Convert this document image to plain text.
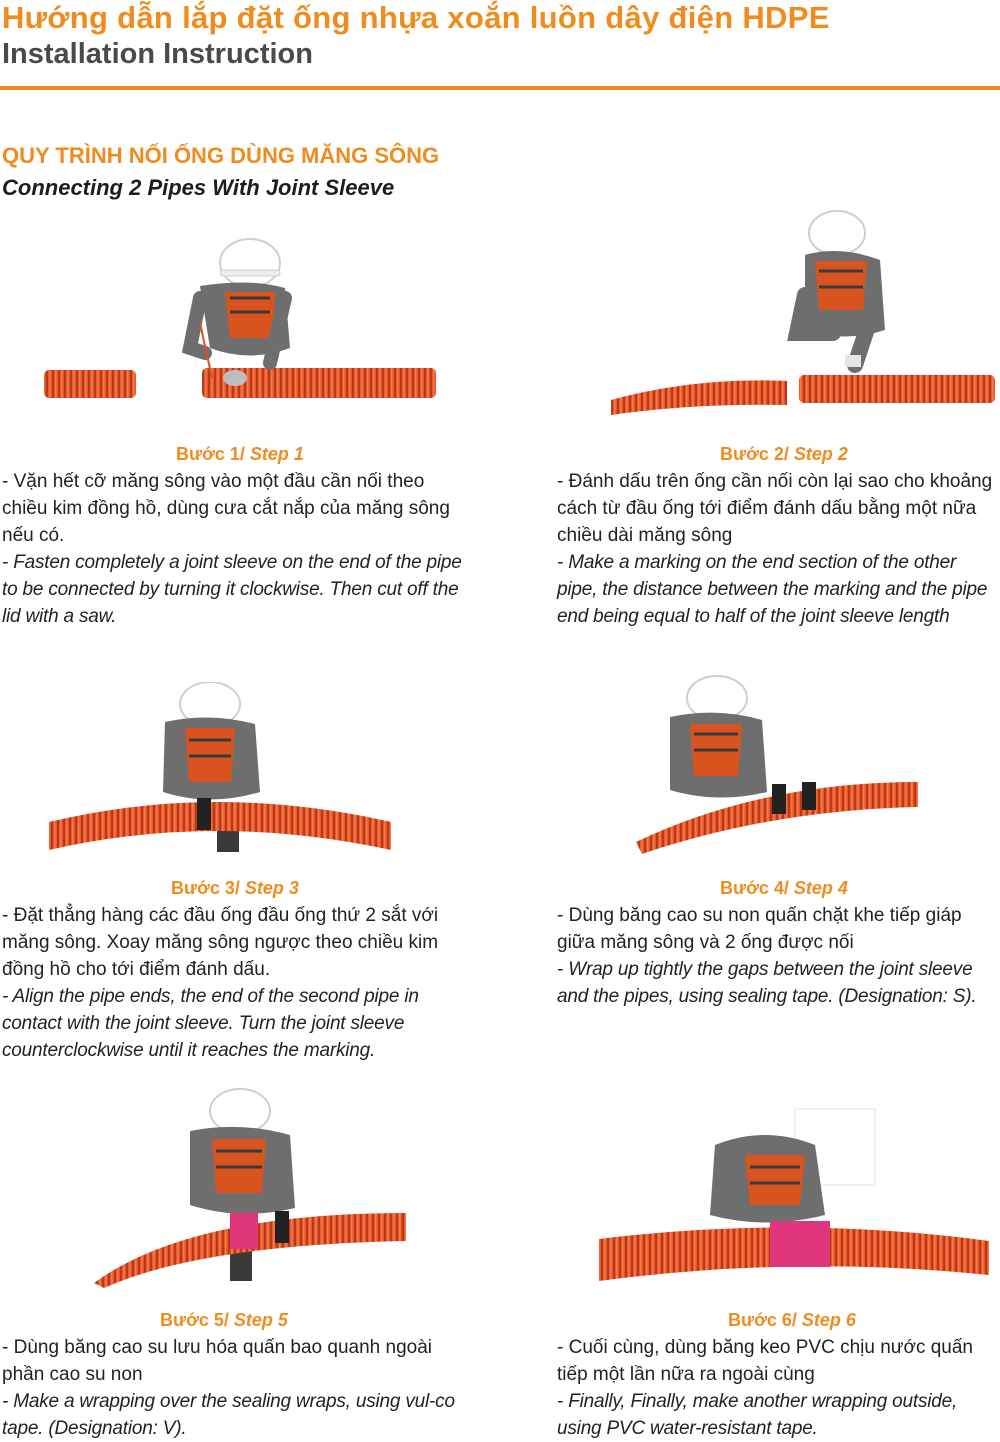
Hướng dẫn lắp đặt ống nhựa xoắn luồn dây điện HDPE
Installation Instruction
QUY TRÌNH NỐI ỐNG DÙNG MĂNG SÔNG
Connecting 2 Pipes With Joint Sleeve
Bước 1/ Step 1
- Vặn hết cỡ măng sông vào một đầu cần nối theo chiều kim đồng hồ, dùng cưa cắt nắp của măng sông nếu có.
- Fasten completely a joint sleeve on the end of the pipe to be connected by turning it clockwise. Then cut off the lid with a saw.
Bước 2/ Step 2
- Đánh dấu trên ống cần nối còn lại sao cho khoảng cách từ đầu ống tới điểm đánh dấu bằng một nữa chiều dài măng sông
- Make a marking on the end section of the other pipe, the distance between the marking and the pipe end being equal to half of the joint sleeve length
Bước 3/ Step 3
- Đặt thẳng hàng các đầu ống đầu ống thứ 2 sắt với măng sông. Xoay măng sông ngược theo chiều kim đồng hồ cho tới điểm đánh dấu.
- Align the pipe ends, the end of the second pipe in contact with the joint sleeve. Turn the joint sleeve counterclockwise until it reaches the marking.
Bước 4/ Step 4
- Dùng băng cao su non quấn chặt khe tiếp giáp giữa măng sông và 2 ống được nối
- Wrap up tightly the gaps between the joint sleeve and the pipes, using sealing tape. (Designation: S).
Bước 5/ Step 5
- Dùng băng cao su lưu hóa quấn bao quanh ngoài phần cao su non
- Make a wrapping over the sealing wraps, using vul-co tape. (Designation: V).
Bước 6/ Step 6
- Cuối cùng, dùng băng keo PVC chịu nước quấn tiếp một lần nữa ra ngoài cùng
- Finally, Finally, make another wrapping outside, using PVC water-resistant tape.
